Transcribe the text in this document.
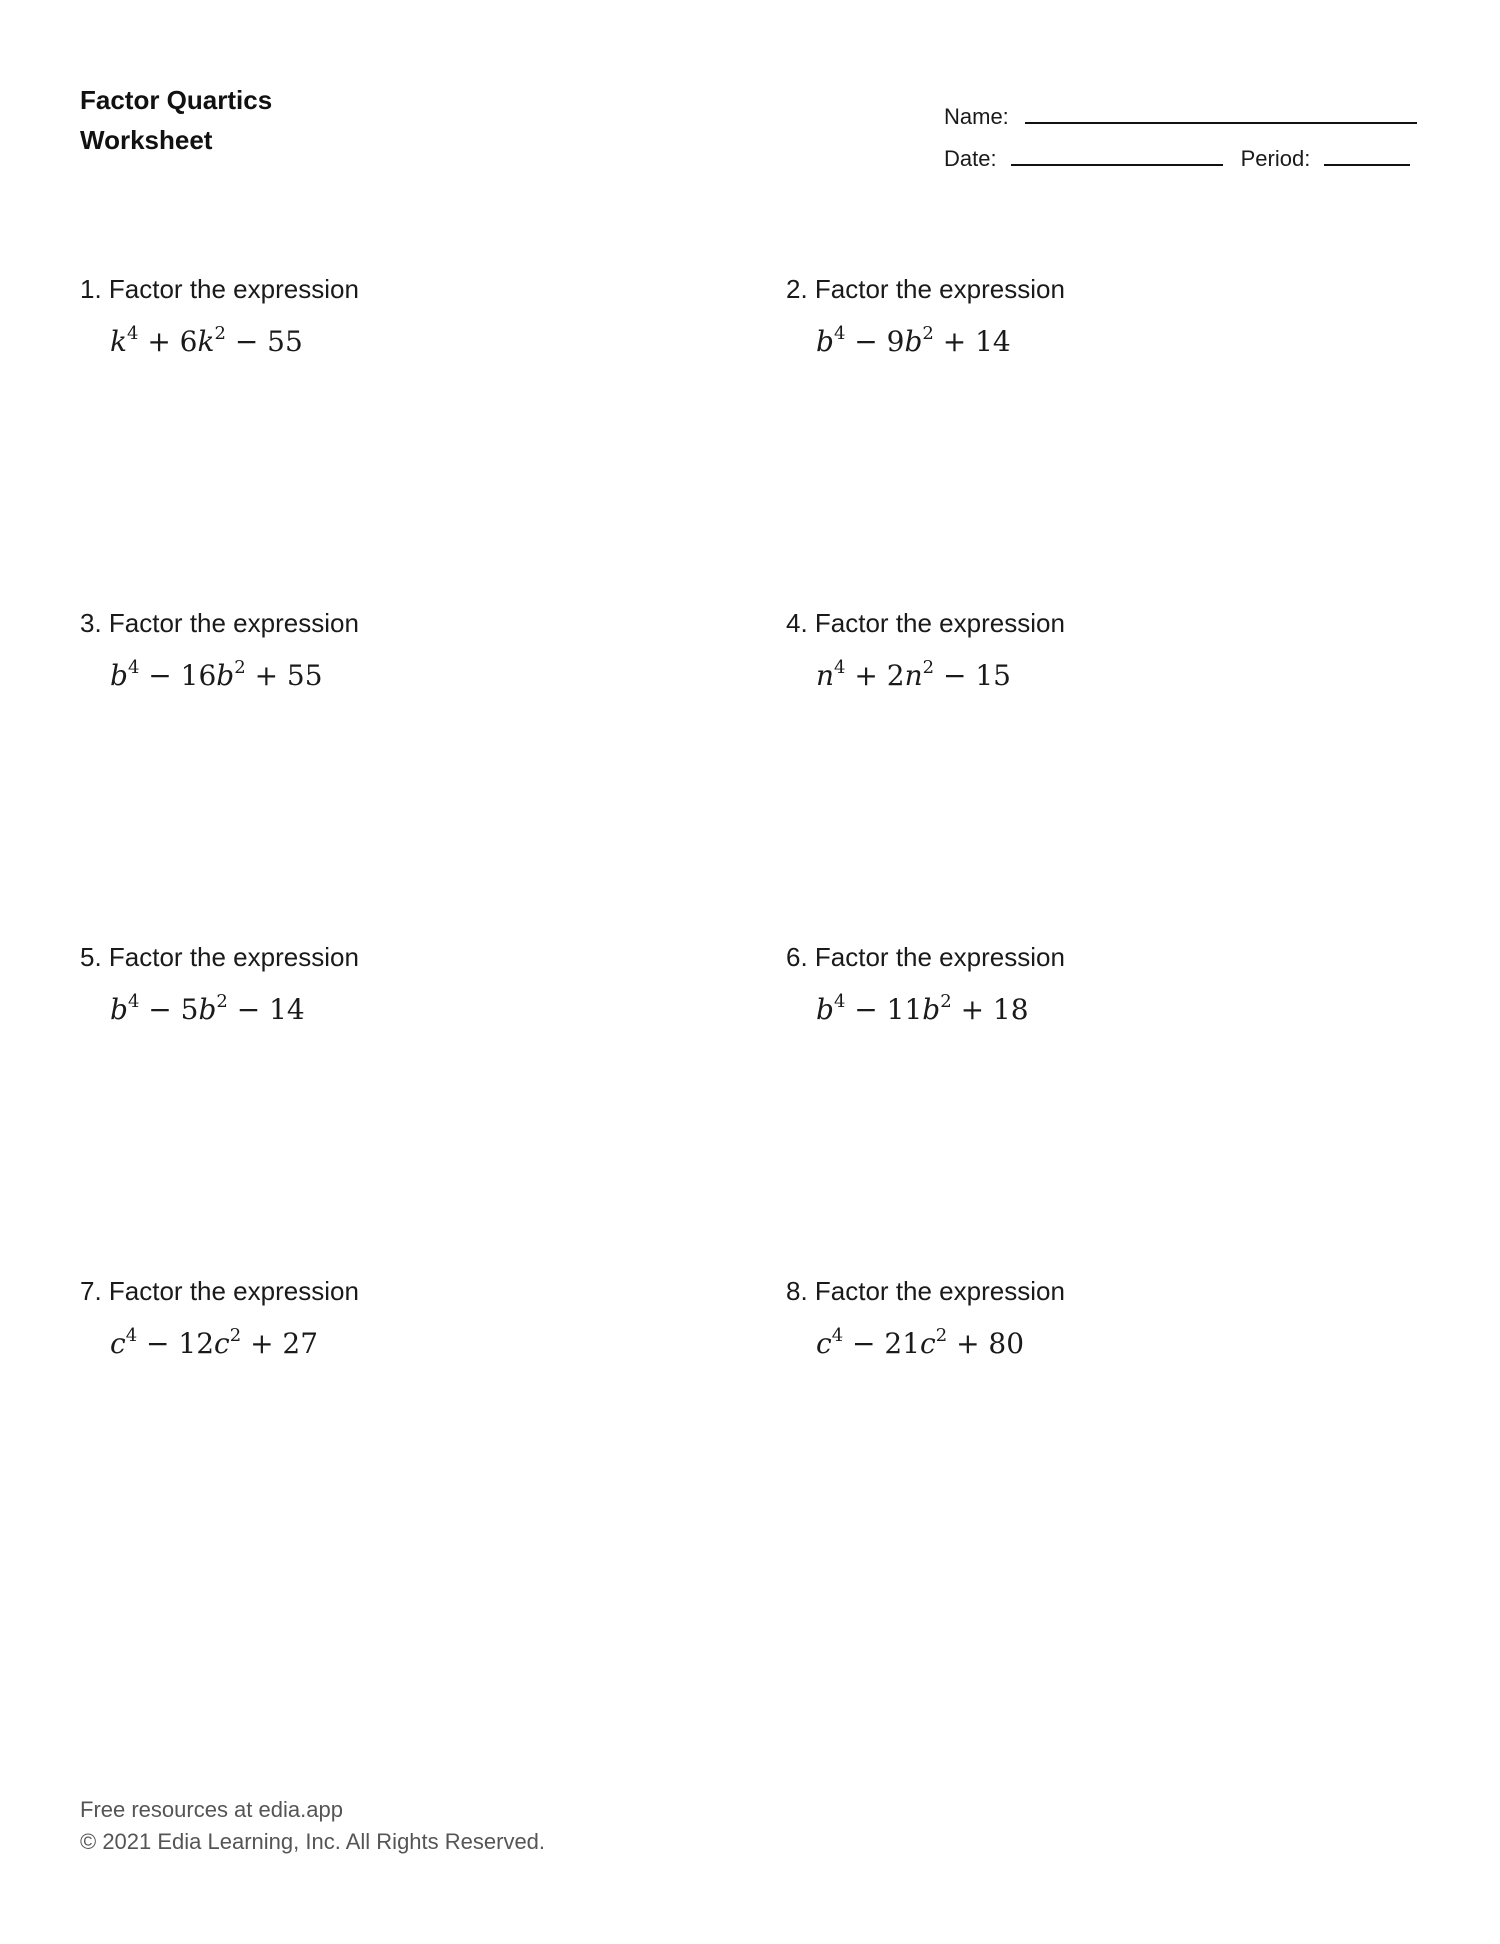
Factor Quartics
Worksheet
Name:
Date:	Period:
1. Factor the expression
$k^4 + 6k^2 - 55$
2. Factor the expression
$b^4 - 9b^2 + 14$
3. Factor the expression
$b^4 - 16b^2 + 55$
4. Factor the expression
$n^4 + 2n^2 - 15$
5. Factor the expression
$b^4 - 5b^2 - 14$
6. Factor the expression
$b^4 - 11b^2 + 18$
7. Factor the expression
$c^4 - 12c^2 + 27$
8. Factor the expression
$c^4 - 21c^2 + 80$
Free resources at edia.app
© 2021 Edia Learning, Inc. All Rights Reserved.
